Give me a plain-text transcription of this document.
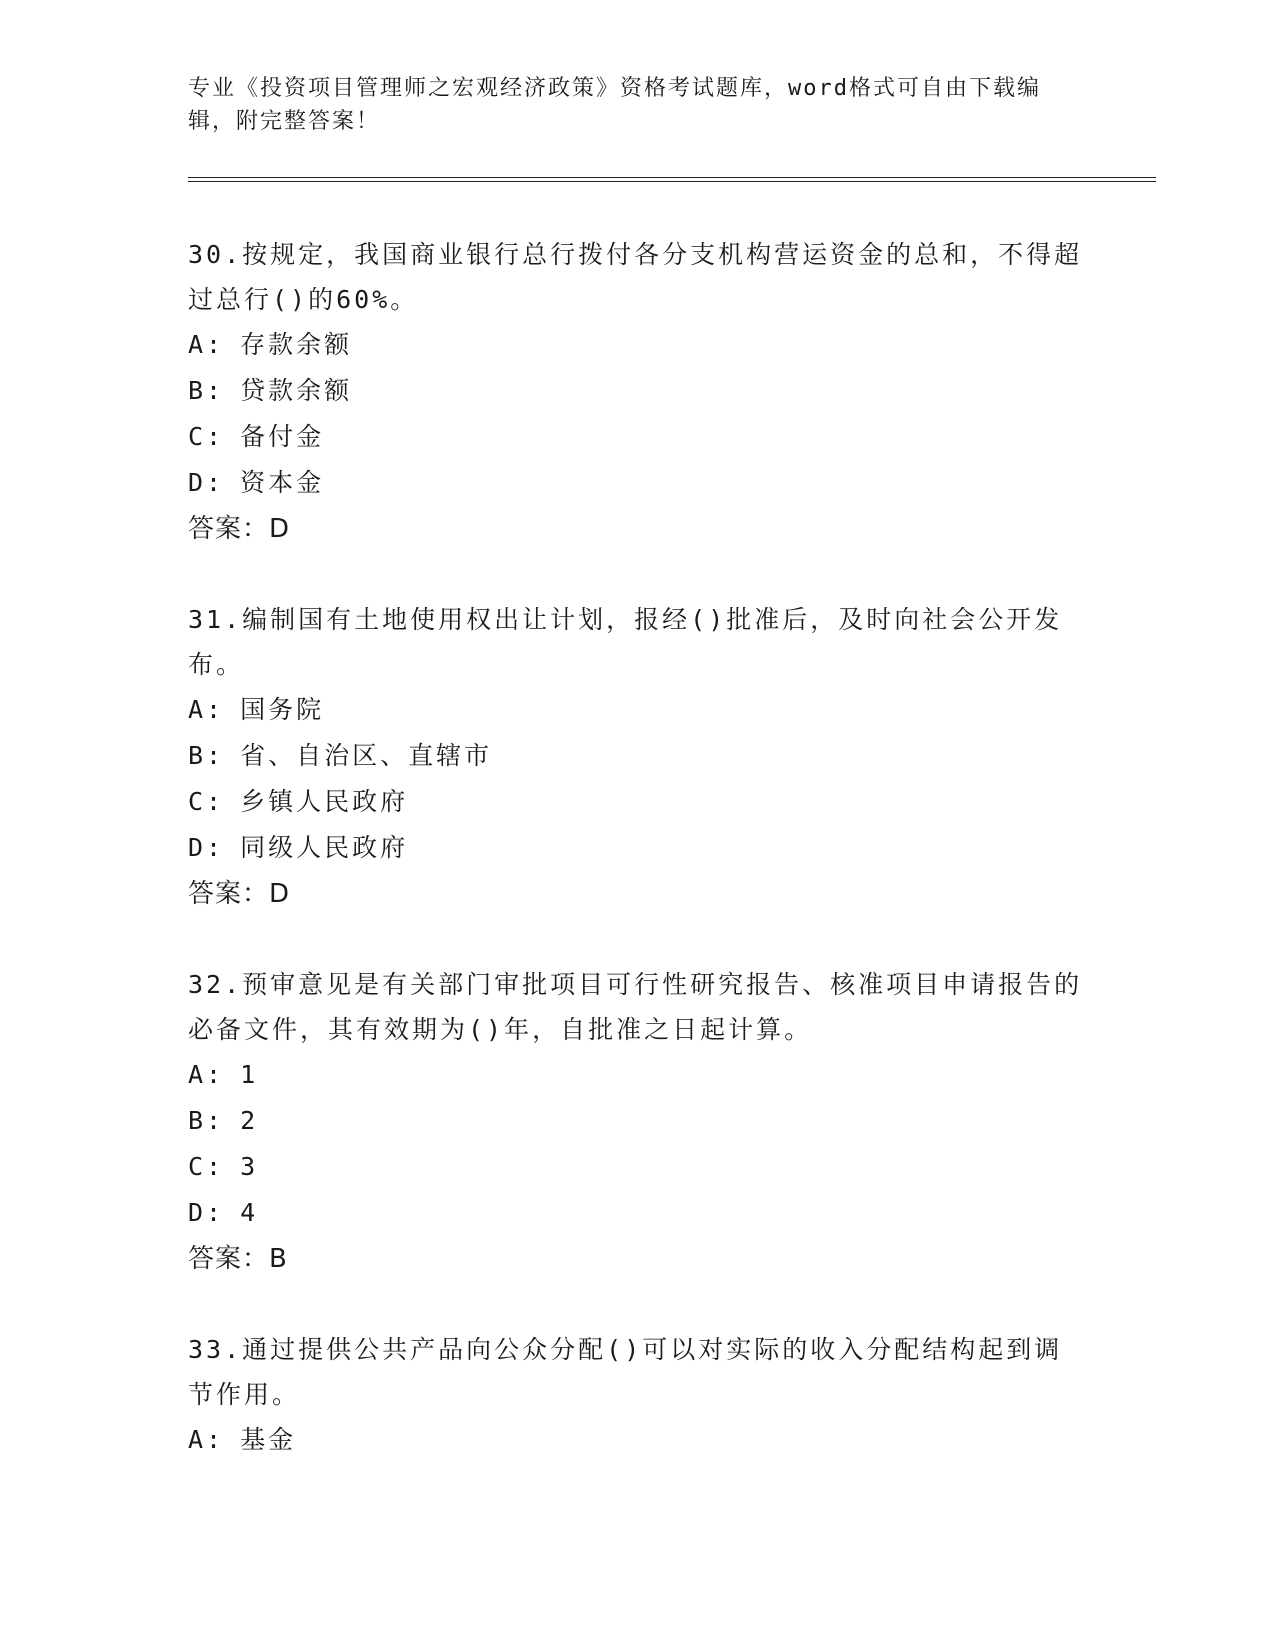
专业《投资项目管理师之宏观经济政策》资格考试题库，word格式可自由下载编辑，附完整答案！

30.按规定，我国商业银行总行拨付各分支机构营运资金的总和，不得超过总行()的60%。

A: 存款余额

B: 贷款余额

C: 备付金

D: 资本金

答案：D

31.编制国有土地使用权出让计划，报经()批准后，及时向社会公开发布。

A: 国务院

B: 省、自治区、直辖市

C: 乡镇人民政府

D: 同级人民政府

答案：D

32.预审意见是有关部门审批项目可行性研究报告、核准项目申请报告的必备文件，其有效期为()年，自批准之日起计算。

A: 1

B: 2

C: 3

D: 4

答案：B

33.通过提供公共产品向公众分配()可以对实际的收入分配结构起到调节作用。

A: 基金
